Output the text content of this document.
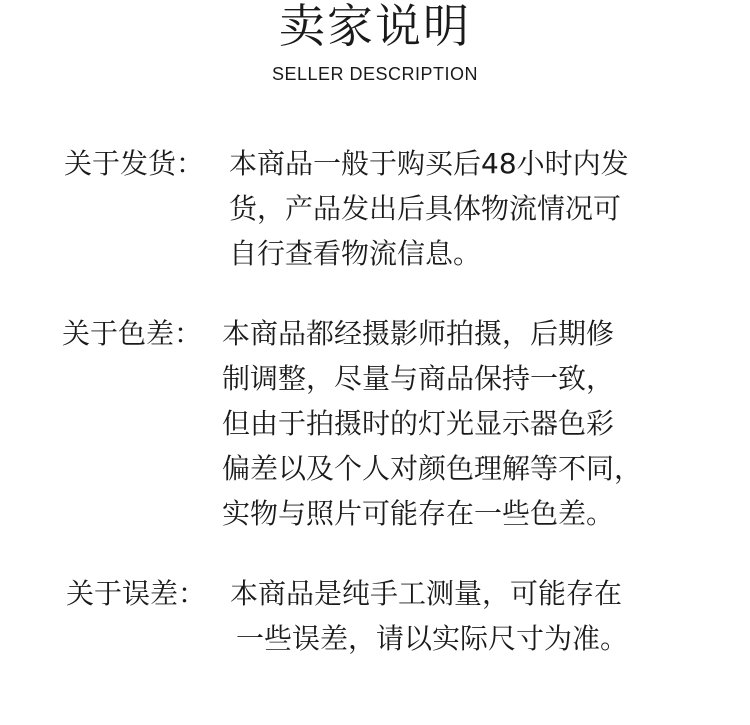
卖家说明
SELLER DESCRIPTION
关于发货： 本商品一般于购买后48小时内发
货，产品发出后具体物流情况可
自行查看物流信息。
关于色差： 本商品都经摄影师拍摄，后期修
制调整，尽量与商品保持一致，
但由于拍摄时的灯光显示器色彩
偏差以及个人对颜色理解等不同，
实物与照片可能存在一些色差。
关于误差： 本商品是纯手工测量，可能存在
一些误差，请以实际尺寸为准。
